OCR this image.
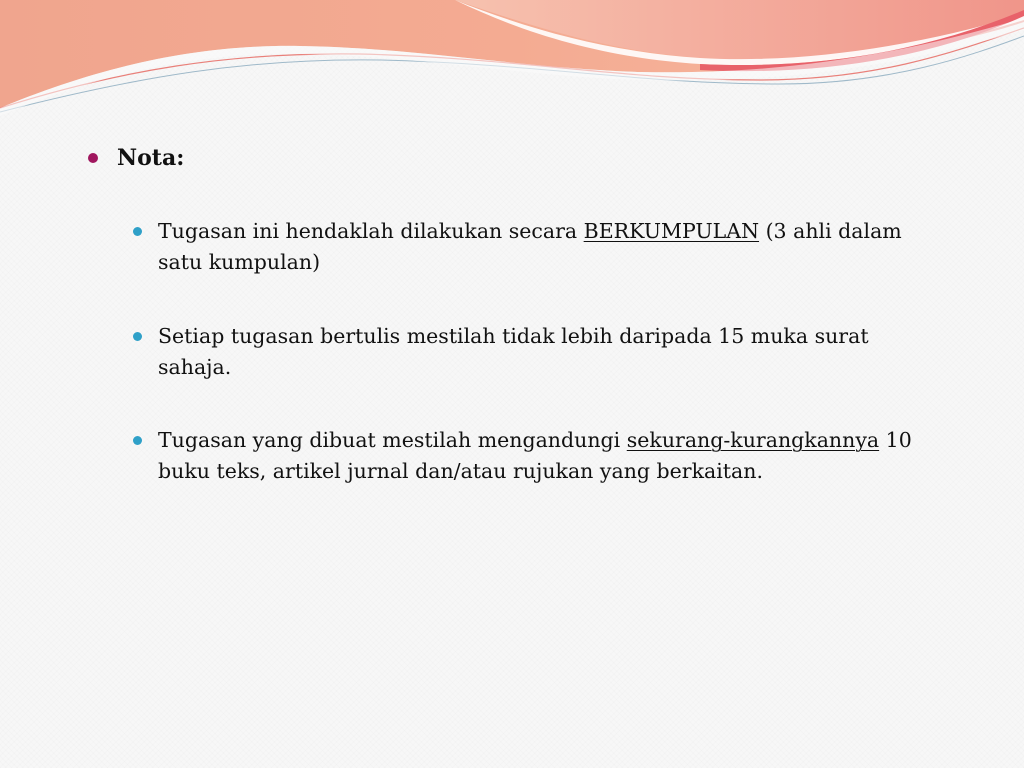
Nota:
Tugasan ini hendaklah dilakukan secara BERKUMPULAN (3 ahli dalam satu kumpulan)
Setiap tugasan bertulis mestilah tidak lebih daripada 15 muka surat sahaja.
Tugasan yang dibuat mestilah mengandungi sekurang-kurangkannya 10 buku teks, artikel jurnal dan/atau rujukan yang berkaitan.
